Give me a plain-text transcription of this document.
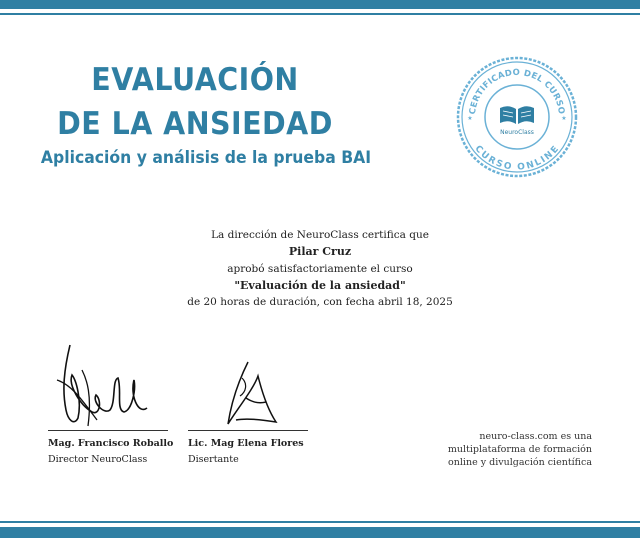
EVALUACIÓN
DE LA ANSIEDAD
Aplicación y análisis de la prueba BAI
CERTIFICADO DEL CURSO
CURSO ONLINE
NeuroClass
★	★
La dirección de NeuroClass certifica que
Pilar Cruz
aprobó satisfactoriamente el curso
"Evaluación de la ansiedad"
de 20 horas de duración, con fecha abril 18, 2025
Mag. Francisco Roballo
Director NeuroClass
Lic. Mag Elena Flores
Disertante
neuro-class.com es una
multiplataforma de formación
online y divulgación científica
